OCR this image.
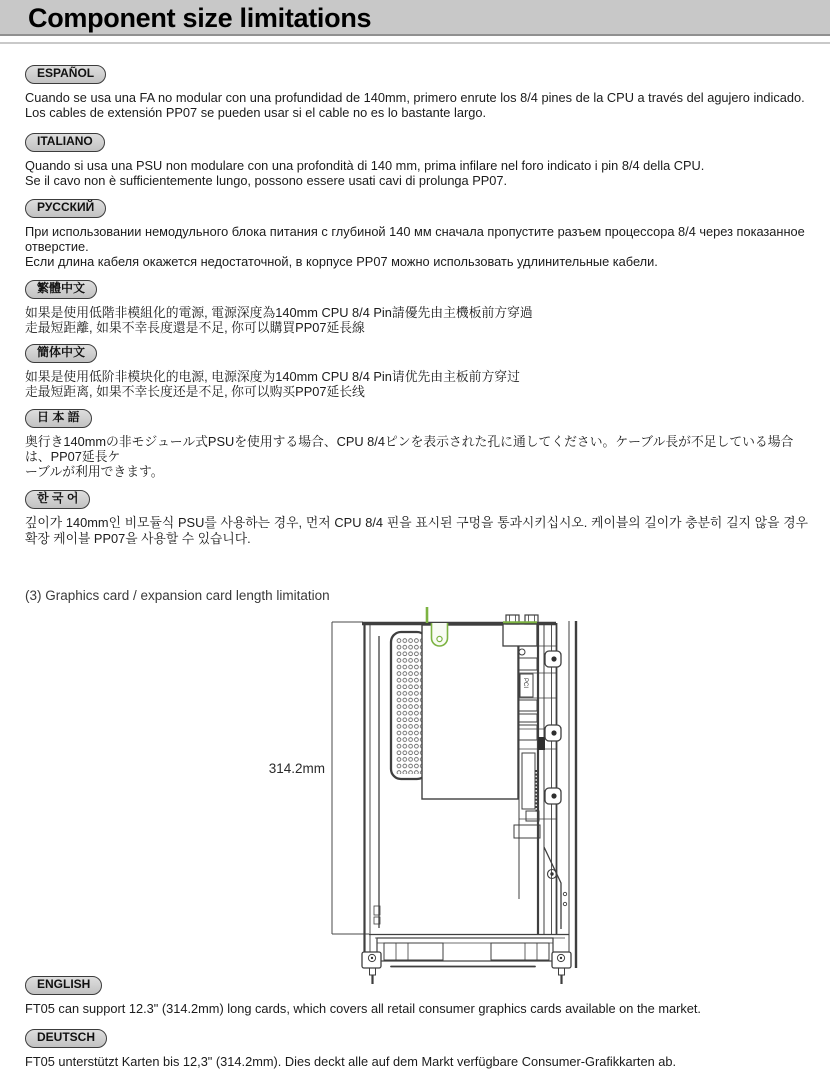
Component size limitations
ESPAÑOL
Cuando se usa una FA no modular con una profundidad de 140mm, primero enrute los 8/4 pines de la CPU a través del agujero indicado.
Los cables de extensión PP07 se pueden usar si el cable no es lo bastante largo.
ITALIANO
Quando si usa una PSU non modulare con una profondità di 140 mm, prima infilare nel foro indicato i pin 8/4 della CPU.
Se il cavo non è sufficientemente lungo, possono essere usati cavi di prolunga PP07.
РУССКИЙ
При использовании немодульного блока питания с глубиной 140 мм сначала пропустите разъем процессора 8/4 через показанное отверстие.
Если длина кабеля окажется недостаточной, в корпусе PP07 можно использовать удлинительные кабели.
繁體中文
如果是使用低階非模組化的電源, 電源深度為140mm CPU 8/4 Pin請優先由主機板前方穿過
走最短距離, 如果不幸長度還是不足, 你可以購買PP07延長線
簡体中文
如果是使用低阶非模块化的电源, 电源深度为140mm CPU 8/4 Pin请优先由主板前方穿过
走最短距离, 如果不幸长度还是不足, 你可以购买PP07延长线
日 本 語
奥行き140mmの非モジュール式PSUを使用する場合、CPU 8/4ピンを表示された孔に通してください。ケーブル長が不足している場合は、PP07延長ケ
ーブルが利用できます。
한 국 어
깊이가 140mm인 비모듈식 PSU를 사용하는 경우, 먼저 CPU 8/4 핀을 표시된 구멍을 통과시키십시오. 케이블의 길이가 충분히 길지 않을 경우
확장 케이블 PP07을 사용할 수 있습니다.
(3) Graphics card / expansion card length limitation
314.2mm
PCI
ENGLISH
FT05 can support 12.3" (314.2mm) long cards, which covers all retail consumer graphics cards available on the market.
DEUTSCH
FT05 unterstützt Karten bis 12,3" (314.2mm). Dies deckt alle auf dem Markt verfügbare Consumer-Grafikkarten ab.
